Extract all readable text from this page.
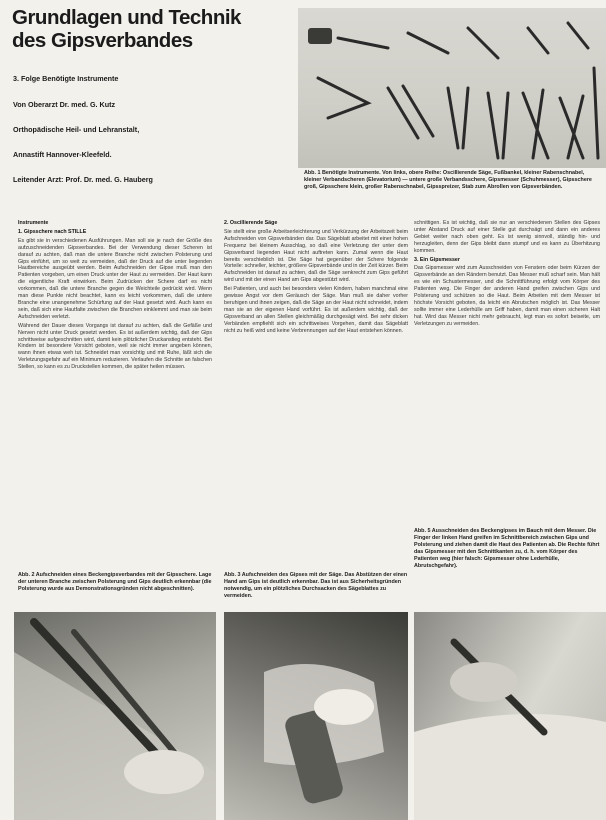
Grundlagen und Technik
des Gipsverbandes
3. Folge Benötigte Instrumente
Von Oberarzt Dr. med. G. Kutz
Orthopädische Heil- und Lehranstalt,
Annastift Hannover-Kleefeld.
Leitender Arzt: Prof. Dr. med. G. Hauberg
Abb. 1 Benötigte Instrumente. Von links, obere Reihe: Oscillierende Säge, Fußbankel, kleiner Rabenschnabel, kleiner Verbandscheren (Elevatorium) — untere große Verbandsschere, Gipsmesser (Schuhmesser), Gipsschere groß, Gipsschere klein, großer Rabenschnabel, Gipsspreizer, Stab zum Abrollen von Gipsverbänden.

Instrumente

1. Gipsschere nach STILLE

Es gibt sie in verschiedenen Ausführungen. Man soll sie je nach der Größe des aufzuschneidenden Gipsverbandes. Bei der Verwendung dieser Scheren ist darauf zu achten, daß man die untere Branche nicht zwischen Polsterung und Gips einführt, um so weit zu vermeiden, daß der Druck auf die unter liegenden Hautbereiche ausgeübt werden. Beim Aufschneiden der Gipse muß man den Patienten vorgeben, um einen Druck unter der Haut zu vermeiden. Der Haut kann die eigentliche Kraft einwirken. Beim Zudrücken der Schere darf es nicht vorkommen, daß die untere Branche gegen die Weichteile gedrückt wird. Wenn man diese Punkte nicht beachtet, kann es leicht vorkommen, daß die untere Branche eine unangenehme Schürfung auf der Haut gesetzt wird. Auch kann es sein, daß sich eine Hautfalte zwischen die Branchen einklemmt und man sie beim Aufschneiden verletzt.

Während der Dauer dieses Vorgangs ist darauf zu achten, daß die Gefäße und Nerven nicht unter Druck gesetzt werden. Es ist außerdem wichtig, daß der Gips schrittweise aufgeschnitten wird, damit kein plötzlicher Druckanstieg entsteht. Bei Kindern ist besondere Vorsicht geboten, weil sie nicht immer angeben können, wann ihnen etwas weh tut. Schneidet man vorsichtig und mit Ruhe, läßt sich die Verletzungsgefahr auf ein Minimum reduzieren. Verlaufen die Schnitte an falschen Stellen, so kann es zu Druckstellen kommen, die später heilen müssen.

2. Oscillierende Säge

Sie stellt eine große Arbeitserleichterung und Verkürzung der Arbeitszeit beim Aufschneiden von Gipsverbänden dar. Das Sägeblatt arbeitet mit einer hohen Frequenz bei kleinem Ausschlag, so daß eine Verletzung der unter dem Gipsverband liegenden Haut nicht auftreten kann. Zumal wenn die Haut bereits verschieblich ist. Die Säge hat gegenüber der Schere folgende Vorteile: schneller, leichter, größere Gipsverbände und in der Zeit kürzer. Beim Aufschneiden ist darauf zu achten, daß die Säge senkrecht zum Gips geführt wird und mit der einen Hand am Gips abgestützt wird.

Bei Patienten, und auch bei besonders vielen Kindern, haben manchmal eine gewisse Angst vor dem Geräusch der Säge. Man muß sie daher vorher beruhigen und ihnen zeigen, daß die Säge an der Haut nicht schneidet, indem man sie an der eigenen Hand vorführt. Es ist außerdem wichtig, daß der Gipsverband an allen Stellen gleichmäßig durchgesägt wird. Bei sehr dicken Verbänden empfiehlt sich ein schrittweises Vorgehen, damit das Sägeblatt nicht zu heiß wird und keine Verbrennungen auf der Haut entstehen können.

schnittigen. Es ist wichtig, daß sie nur an verschiedenen Stellen des Gipses unter Abstand Druck auf einer Stelle gut durchsägt und dann ein anderes Gebiet weiter nach oben geht. Es ist wenig sinnvoll, ständig hin- und herzugleiten, denn der Gips bleibt dann stumpf und es kann zu Überhitzung kommen.

3. Ein Gipsmesser

Das Gipsmesser wird zum Ausschneiden von Fenstern oder beim Kürzen der Gipsverbände an den Rändern benutzt. Das Messer muß scharf sein. Man hält es wie ein Schustermesser, und die Schnittführung erfolgt vom Körper des Patienten weg. Die Finger der anderen Hand greifen zwischen Gips und Polsterung und schützen so die Haut. Beim Arbeiten mit dem Messer ist höchste Vorsicht geboten, da leicht ein Abrutschen möglich ist. Das Messer sollte immer eine Lederhülle am Griff haben, damit man einen sicheren Halt hat. Wird das Messer nicht mehr gebraucht, legt man es sofort beiseite, um Verletzungen zu vermeiden.

Abb. 2 Aufschneiden eines Beckengipsverbandes mit der Gipsschere. Lage der unteren Branche zwischen Polsterung und Gips deutlich erkennbar (die Polsterung wurde aus Demonstrationsgründen nicht abgeschnitten).
Abb. 3 Aufschneiden des Gipses mit der Säge. Das Abstützen der einen Hand am Gips ist deutlich erkennbar. Das ist aus Sicherheitsgründen notwendig, um ein plötzliches Durchsacken des Sägeblattes zu vermeiden.
Abb. 5 Ausschneiden des Beckengipses im Bauch mit dem Messer. Die Finger der linken Hand greifen im Schnittbereich zwischen Gips und Polsterung und ziehen damit die Haut des Patienten ab. Die Rechte führt das Gipsmesser mit den Schnittkanten zu, d. h. vom Körper des Patienten weg (hier falsch: Gipsmesser ohne Lederhülle, Abrutschgefahr).
